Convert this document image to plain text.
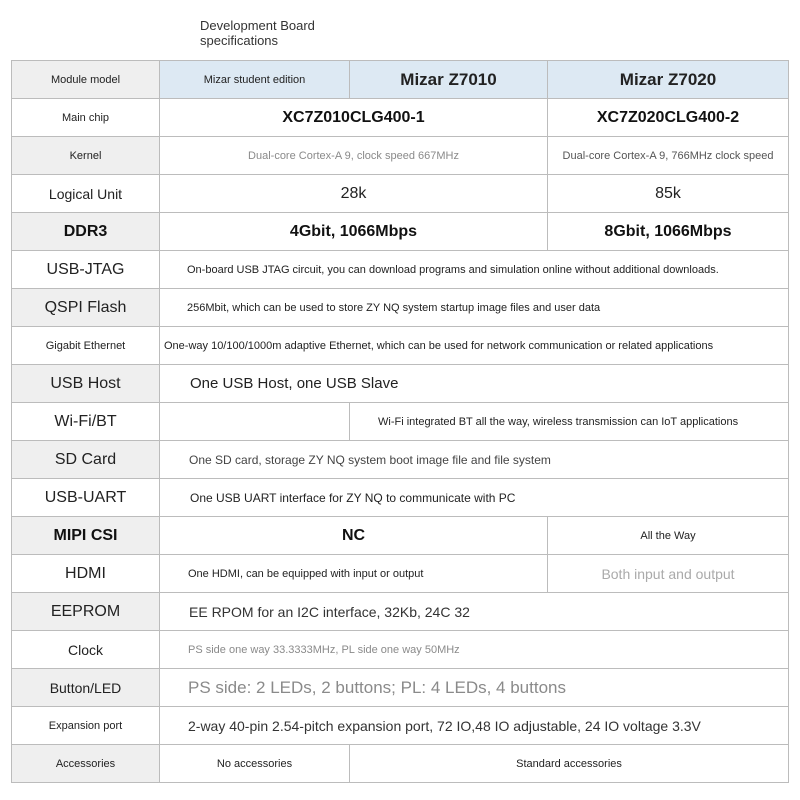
Development Board
specifications
Module model	Mizar student edition	Mizar Z7010	Mizar Z7020
Main chip	XC7Z010CLG400-1		XC7Z020CLG400-2
Kernel	Dual-core Cortex-A 9, clock speed 667MHz		Dual-core Cortex-A 9, 766MHz clock speed
Logical Unit	28k		85k
DDR3	4Gbit, 1066Mbps		8Gbit, 1066Mbps
USB-JTAG	On-board USB JTAG circuit, you can download programs and simulation online without additional downloads.		
QSPI Flash	256Mbit, which can be used to store ZY NQ system startup image files and user data		
Gigabit Ethernet	One-way 10/100/1000m adaptive Ethernet, which can be used for network communication or related applications		
USB Host	One USB Host, one USB Slave		
Wi-Fi/BT		Wi-Fi integrated BT all the way, wireless transmission can IoT applications	
SD Card	One SD card, storage ZY NQ system boot image file and file system		
USB-UART	One USB UART interface for ZY NQ to communicate with PC		
MIPI CSI	NC		All the Way
HDMI	One HDMI, can be equipped with input or output		Both input and output
EEPROM	EE RPOM for an I2C interface, 32Kb, 24C 32		
Clock	PS side one way 33.3333MHz, PL side one way 50MHz		
Button/LED	PS side: 2 LEDs, 2 buttons; PL: 4 LEDs, 4 buttons		
Expansion port	2-way 40-pin 2.54-pitch expansion port, 72 IO,48 IO adjustable, 24 IO voltage 3.3V		
Accessories	No accessories	Standard accessories	
